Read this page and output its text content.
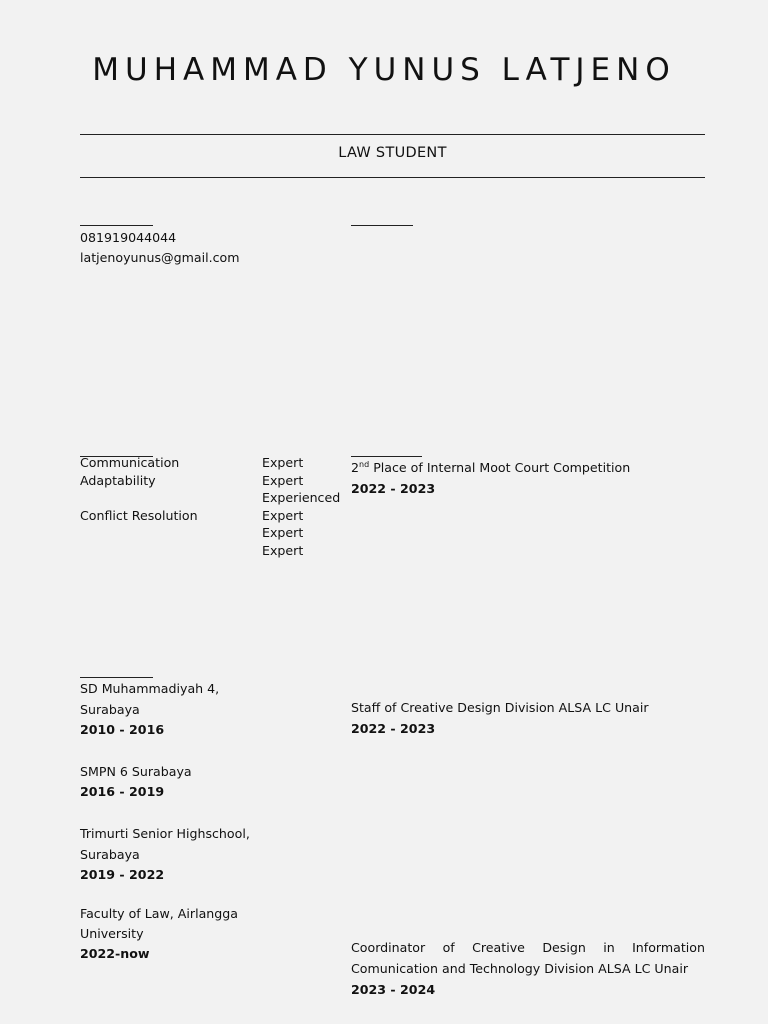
MUHAMMAD YUNUS LATJENO
LAW STUDENT
081919044044
latjenoyunus@gmail.com
Communication
Adaptability
Conflict Resolution
Expert
Expert
Experienced
Expert
Expert
Expert
2nd Place of Internal Moot Court Competition
2022 - 2023
SD Muhammadiyah 4,
Surabaya
2010 - 2016
SMPN 6 Surabaya
2016 - 2019
Trimurti Senior Highschool,
Surabaya
2019 - 2022
Faculty of Law, Airlangga
University
2022-now
Staff of Creative Design Division ALSA LC Unair
2022 - 2023
Coordinator of Creative Design in Information
Comunication and Technology Division ALSA LC Unair
2023 - 2024
